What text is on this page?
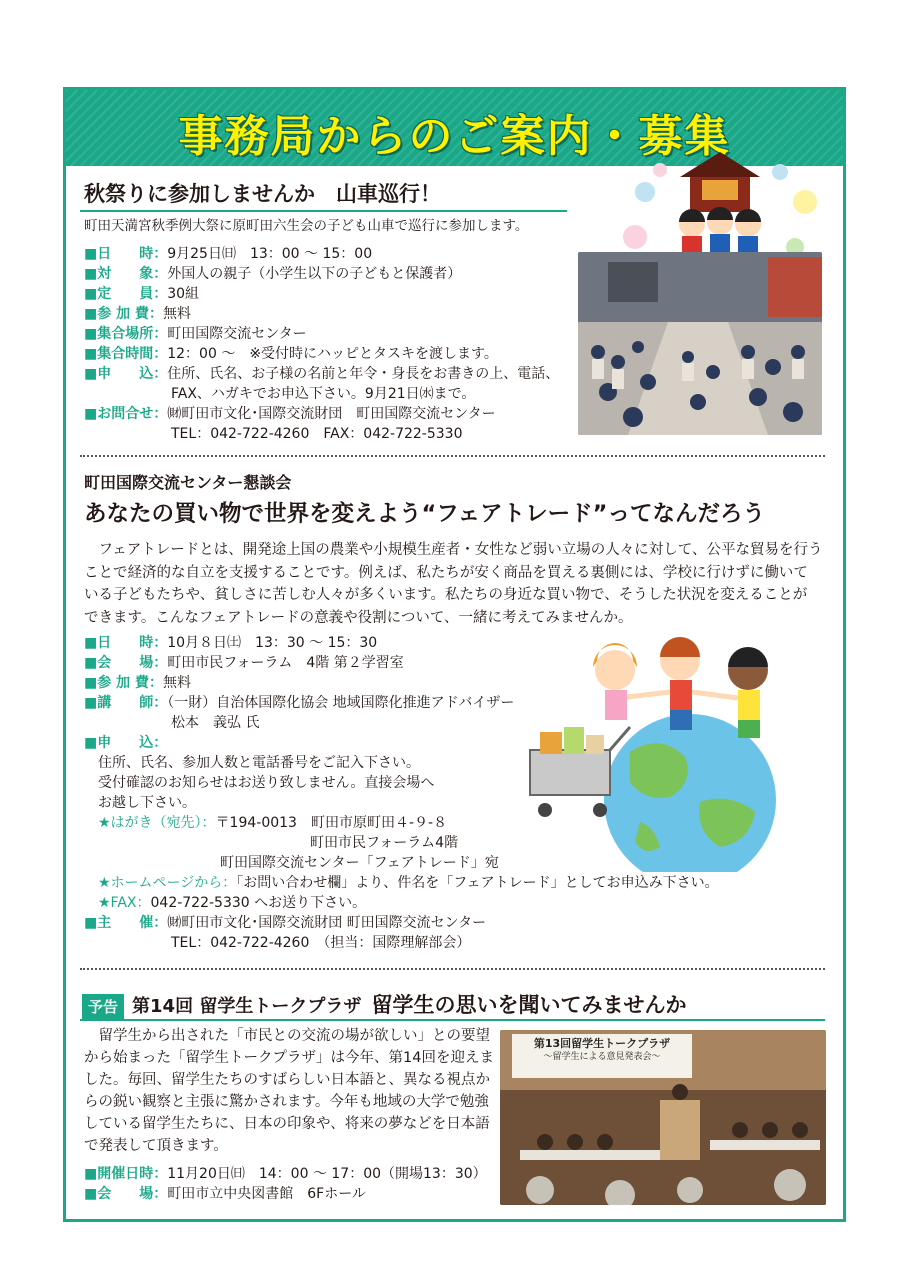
事務局からのご案内・募集
秋祭りに参加しませんか　山車巡行！
町田天満宮秋季例大祭に原町田六生会の子ども山車で巡行に参加します。
■日　　時：9月25日㈰　13：00 ～ 15：00
■対　　象：外国人の親子（小学生以下の子どもと保護者）
■定　　員：30組
■参 加 費：無料
■集合場所：町田国際交流センター
■集合時間：12：00 ～　※受付時にハッピとタスキを渡します。
■申　　込：住所、氏名、お子様の名前と年令・身長をお書きの上、電話、
FAX、ハガキでお申込下さい。9月21日㈬まで。
■お問合せ：㈶町田市文化･国際交流財団　町田国際交流センター
TEL：042-722-4260　FAX：042-722-5330
町田国際交流センター懇談会
あなたの買い物で世界を変えよう“フェアトレード”ってなんだろう
　フェアトレードとは、開発途上国の農業や小規模生産者・女性など弱い立場の人々に対して、公平な貿易を行う
ことで経済的な自立を支援することです。例えば、私たちが安く商品を買える裏側には、学校に行けずに働いて
いる子どもたちや、貧しさに苦しむ人々が多くいます。私たちの身近な買い物で、そうした状況を変えることが
できます。こんなフェアトレードの意義や役割について、一緒に考えてみませんか。
■日　　時：10月８日㈯　13：30 ～ 15：30
■会　　場：町田市民フォーラム　4階 第２学習室
■参 加 費：無料
■講　　師：（一財）自治体国際化協会 地域国際化推進アドバイザー
松本　義弘 氏
■申　　込：
住所、氏名、参加人数と電話番号をご記入下さい。
受付確認のお知らせはお送り致しません。直接会場へ
お越し下さい。
★はがき（宛先）：〒194-0013　町田市原町田４-９-８
町田市民フォーラム4階
町田国際交流センター「フェアトレード」宛
★ホームページから：「お問い合わせ欄」より、件名を「フェアトレード」としてお申込み下さい。
★FAX：042-722-5330 へお送り下さい。
■主　　催：㈶町田市文化･国際交流財団 町田国際交流センター
TEL：042-722-4260　（担当：国際理解部会）
予告 第14回 留学生トークプラザ 留学生の思いを聞いてみませんか
　留学生から出された「市民との交流の場が欲しい」との要望
から始まった「留学生トークプラザ」は今年、第14回を迎えま
した。毎回、留学生たちのすばらしい日本語と、異なる視点か
らの鋭い観察と主張に驚かされます。今年も地域の大学で勉強
している留学生たちに、日本の印象や、将来の夢などを日本語
で発表して頂きます。
■開催日時：11月20日㈰　14：00 ～ 17：00（開場13：30）
■会　　場：町田市立中央図書館　6Fホール
第13回留学生トークプラザ
～留学生による意見発表会～
